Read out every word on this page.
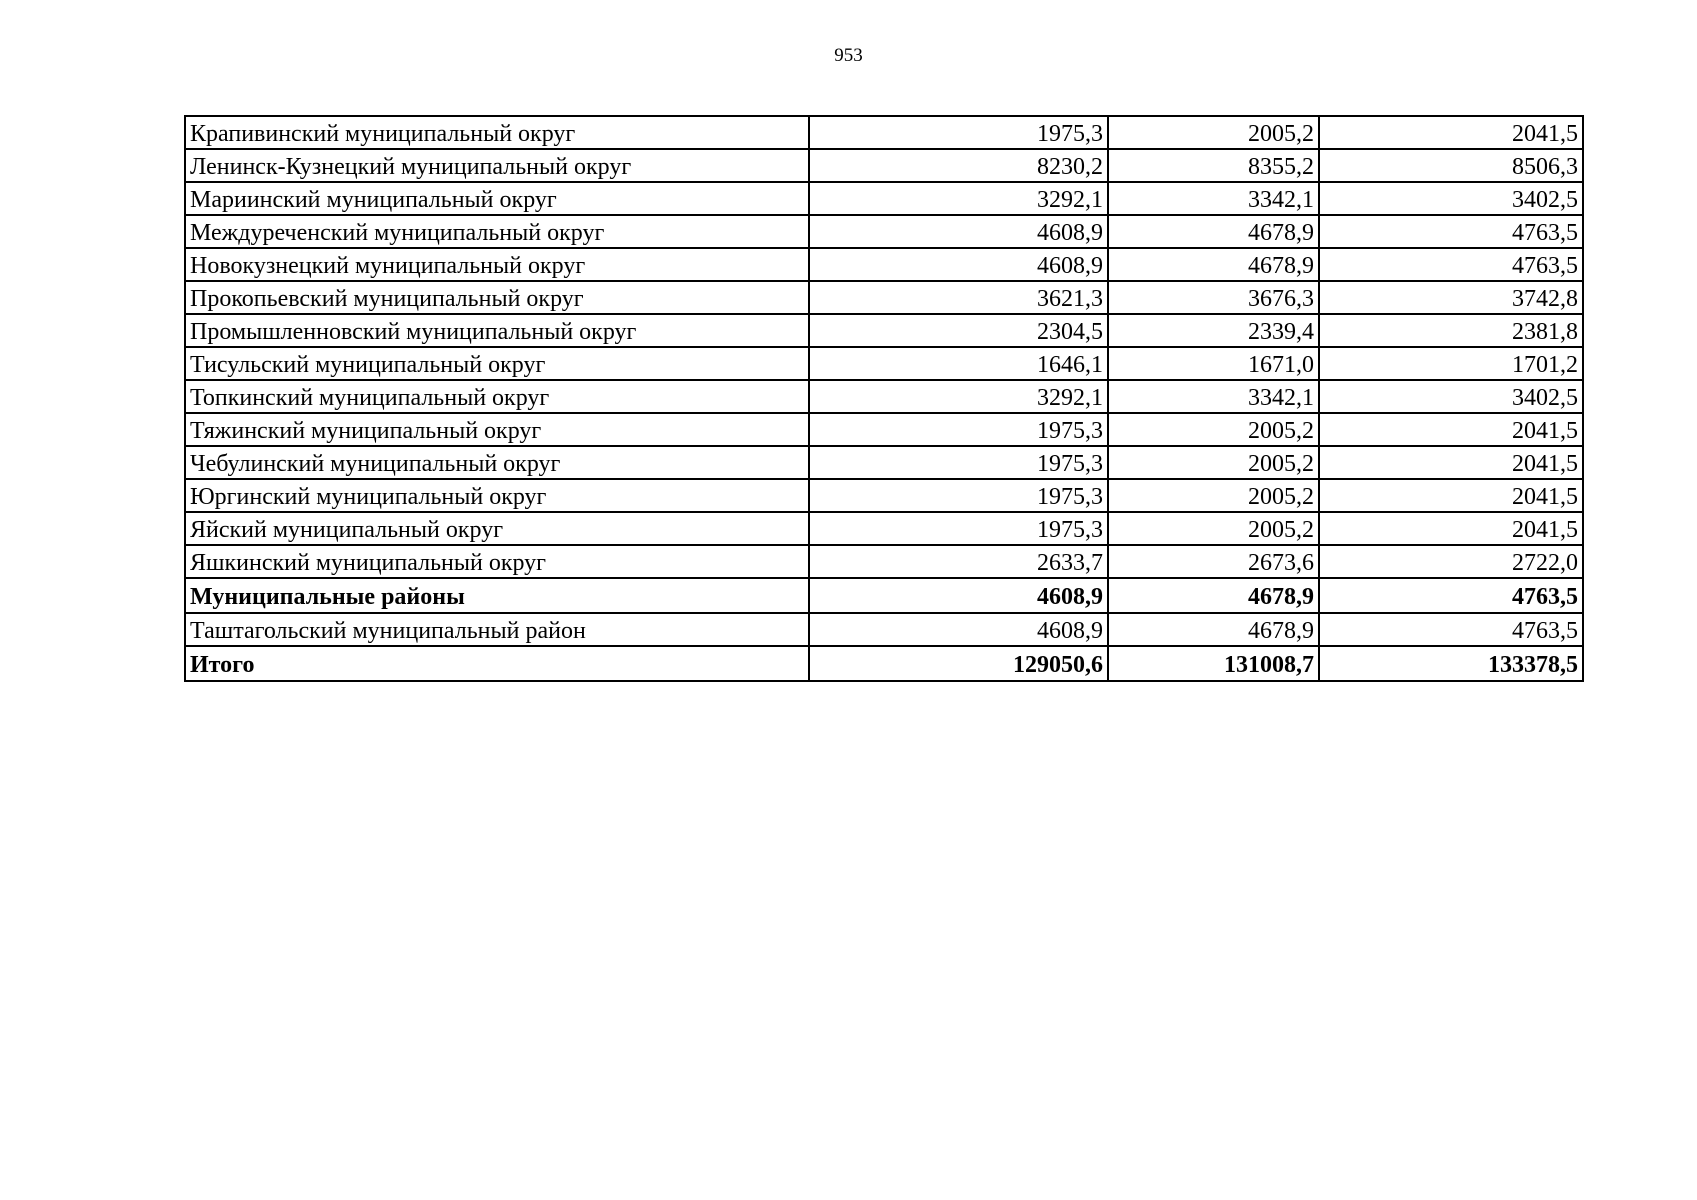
953
Крапивинский муниципальный округ	1975,3	2005,2	2041,5
Ленинск-Кузнецкий муниципальный округ	8230,2	8355,2	8506,3
Мариинский муниципальный округ	3292,1	3342,1	3402,5
Междуреченский муниципальный округ	4608,9	4678,9	4763,5
Новокузнецкий муниципальный округ	4608,9	4678,9	4763,5
Прокопьевский муниципальный округ	3621,3	3676,3	3742,8
Промышленновский муниципальный округ	2304,5	2339,4	2381,8
Тисульский муниципальный округ	1646,1	1671,0	1701,2
Топкинский муниципальный округ	3292,1	3342,1	3402,5
Тяжинский муниципальный округ	1975,3	2005,2	2041,5
Чебулинский муниципальный округ	1975,3	2005,2	2041,5
Юргинский муниципальный округ	1975,3	2005,2	2041,5
Яйский муниципальный округ	1975,3	2005,2	2041,5
Яшкинский муниципальный округ	2633,7	2673,6	2722,0
Муниципальные районы	4608,9	4678,9	4763,5
Таштагольский муниципальный район	4608,9	4678,9	4763,5
Итого	129050,6	131008,7	133378,5
